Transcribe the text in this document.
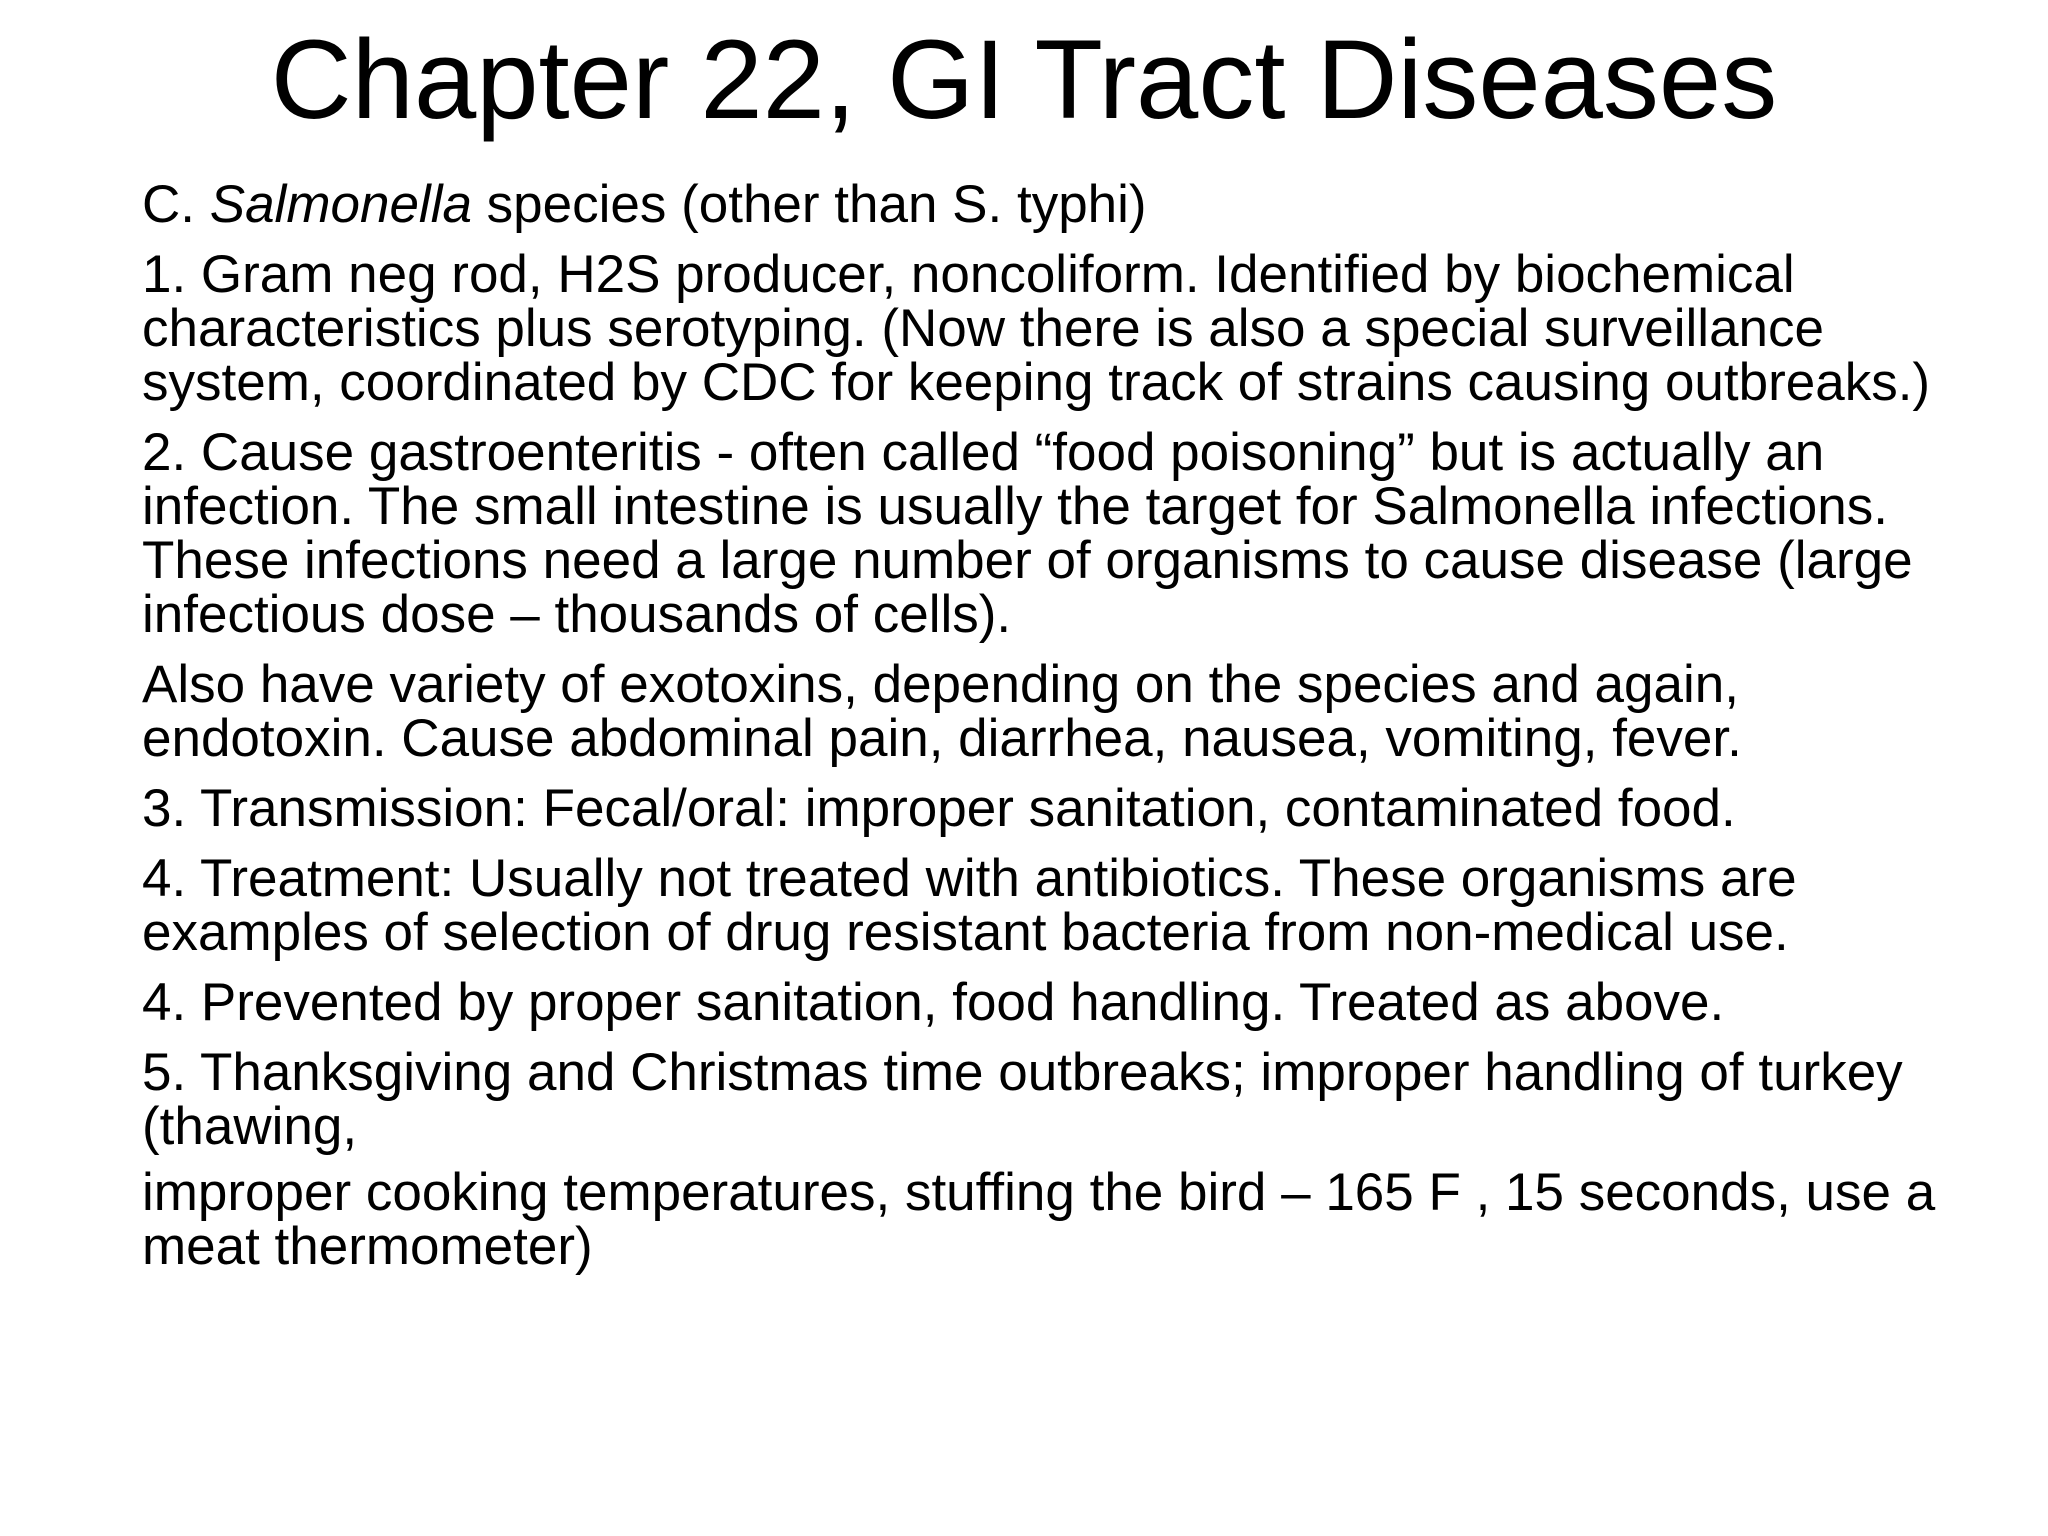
Chapter 22, GI Tract Diseases

C. Salmonella species (other than S. typhi)

1. Gram neg rod, H2S producer, noncoliform. Identified by biochemical characteristics plus serotyping. (Now there is also a special surveillance system, coordinated by CDC for keeping track of strains causing outbreaks.)

2. Cause gastroenteritis - often called “food poisoning” but is actually an infection. The small intestine is usually the target for Salmonella infections. These infections need a large number of organisms to cause disease (large infectious dose – thousands of cells).

Also have variety of exotoxins, depending on the species and again, endotoxin. Cause abdominal pain, diarrhea, nausea, vomiting, fever.

3. Transmission: Fecal/oral: improper sanitation, contaminated food.

4. Treatment: Usually not treated with antibiotics. These organisms are examples of selection of drug resistant bacteria from non-medical use.

4. Prevented by proper sanitation, food handling. Treated as above.

5. Thanksgiving and Christmas time outbreaks; improper handling of turkey (thawing,

improper cooking temperatures, stuffing the bird – 165 F , 15 seconds, use a meat thermometer)
